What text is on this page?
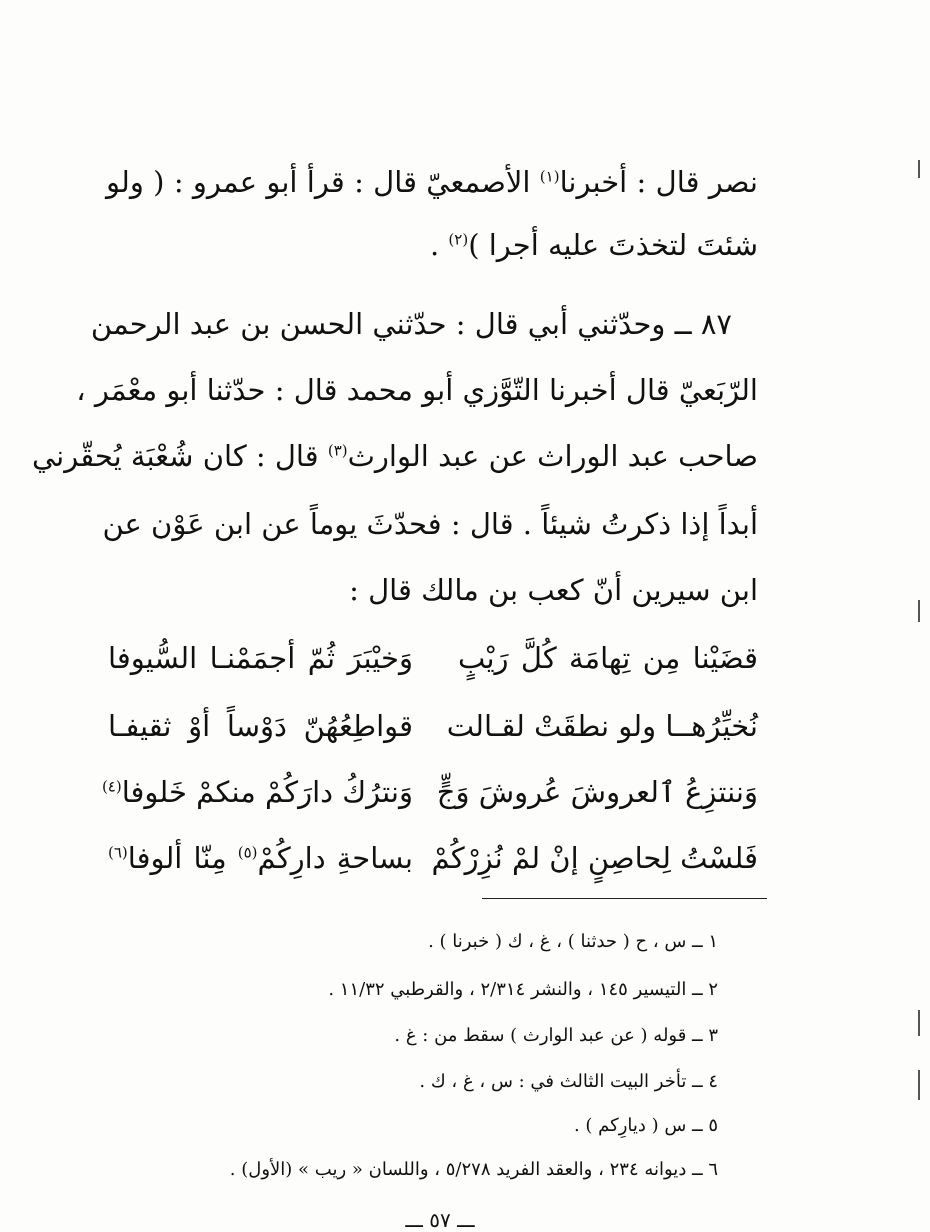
نصر قال : أخبرنا$^{(١)}$ الأصمعيّ قال : قرأ أبو عمرو : ( ولو
شئتَ لتخذتَ عليه أجرا )$^{(٢)}$ .
٨٧ ــ وحدّثني أبي قال : حدّثني الحسن بن عبد الرحمن
الرّبَعيّ قال أخبرنا التّوَّزي أبو محمد قال : حدّثنا أبو معْمَر ،
صاحب عبد الوراث عن عبد الوارث$^{(٣)}$ قال : كان شُعْبَة يُحقّرني
أبداً إذا ذكرتُ شيئاً . قال : فحدّثَ يوماً عن ابن عَوْن عن
ابن سيرين أنّ كعب بن مالك قال :
قضَيْنا مِن تِهامَة كُلَّ رَيْبٍ
وَخيْبَرَ ثُمّ أجمَمْنـا السُّيوفا
نُخيِّرُهــا ولو نطقَتْ لقـالت
قواطِعُهُنّ دَوْساً أوْ ثقيفـا
وَننتزِعُ ٱلعروشَ عُروشَ وَجٍّ
وَنترُكُ دارَكُمْ منكمْ خَلوفا$^{(٤)}$
فَلسْتُ لِحاصِنٍ إنْ لمْ نُزِرْكُمْ
بساحةِ دارِكُمْ$^{(٥)}$ مِنّا ألوفا$^{(٦)}$
١ ــ س ، ح ( حدثنا ) ، غ ، ك ( خبرنا ) .
٢ ــ التيسير ١٤٥ ، والنشر ٢/٣١٤ ، والقرطبي ١١/٣٢ .
٣ ــ قوله ( عن عبد الوارث ) سقط من : غ .
٤ ــ تأخر البيت الثالث في : س ، غ ، ك .
٥ ــ س ( ديارِكم ) .
٦ ــ ديوانه ٢٣٤ ، والعقد الفريد ٥/٢٧٨ ، واللسان « ريب » (الأول) .
ـــ ٥٧ ـــ
